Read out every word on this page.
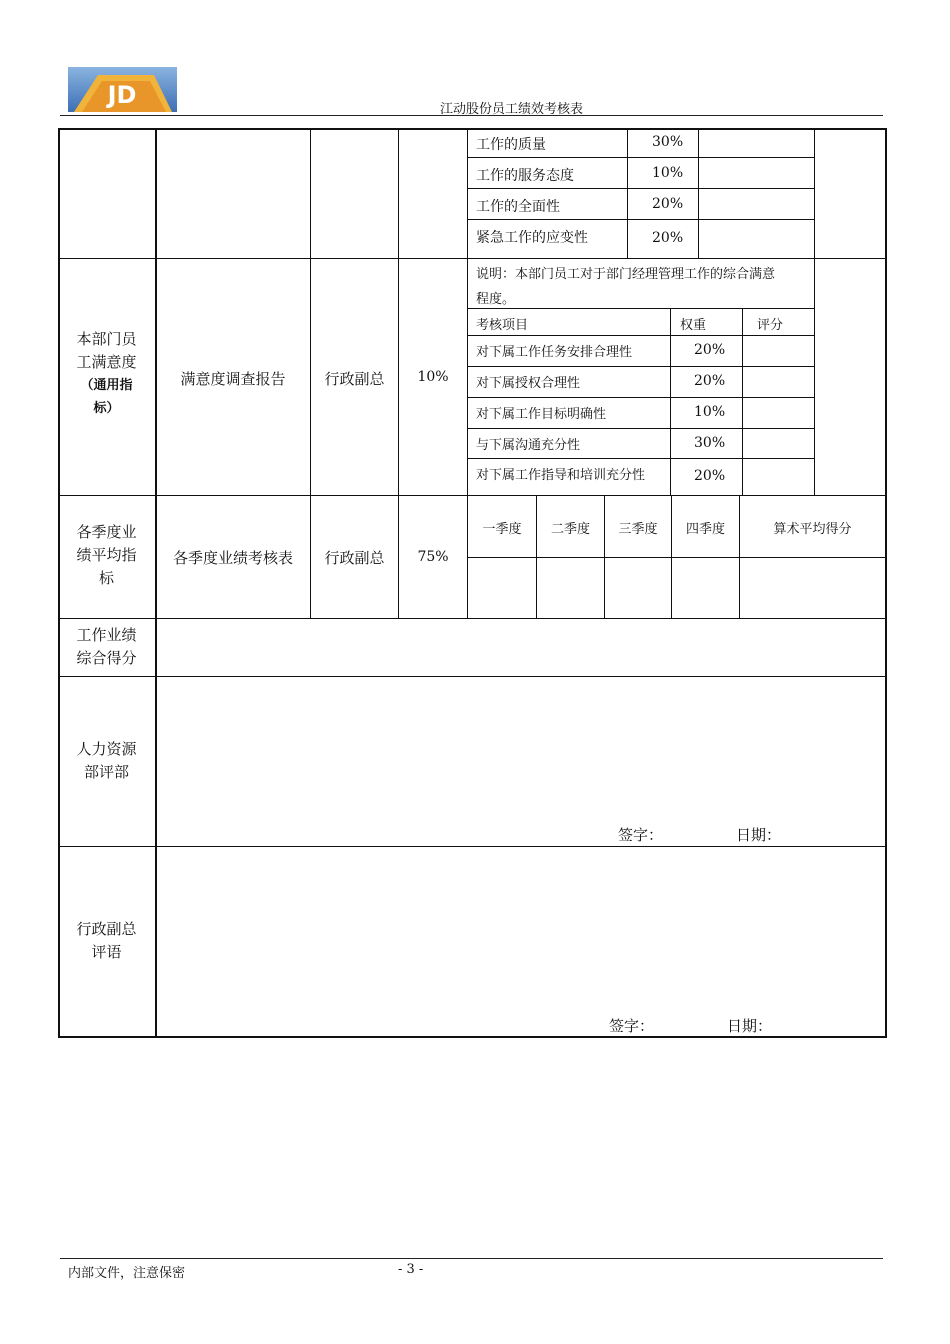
JD
江动股份员工绩效考核表
工作的质量	30%
工作的服务态度	10%
工作的全面性	20%
紧急工作的应变性	20%
本部门员
工满意度
（通用指
标）
满意度调查报告	行政副总	10%
说明：本部门员工对于部门经理管理工作的综合满意
程度。
考核项目	权重	评分
对下属工作任务安排合理性	20%
对下属授权合理性	20%
对下属工作目标明确性	10%
与下属沟通充分性	30%
对下属工作指导和培训充分性	20%
各季度业
绩平均指
标
各季度业绩考核表	行政副总	75%
一季度	二季度	三季度	四季度	算术平均得分
工作业绩
综合得分
人力资源
部评部
签字：	日期：
行政副总
评语
签字：	日期：
内部文件，注意保密	- 3 -
